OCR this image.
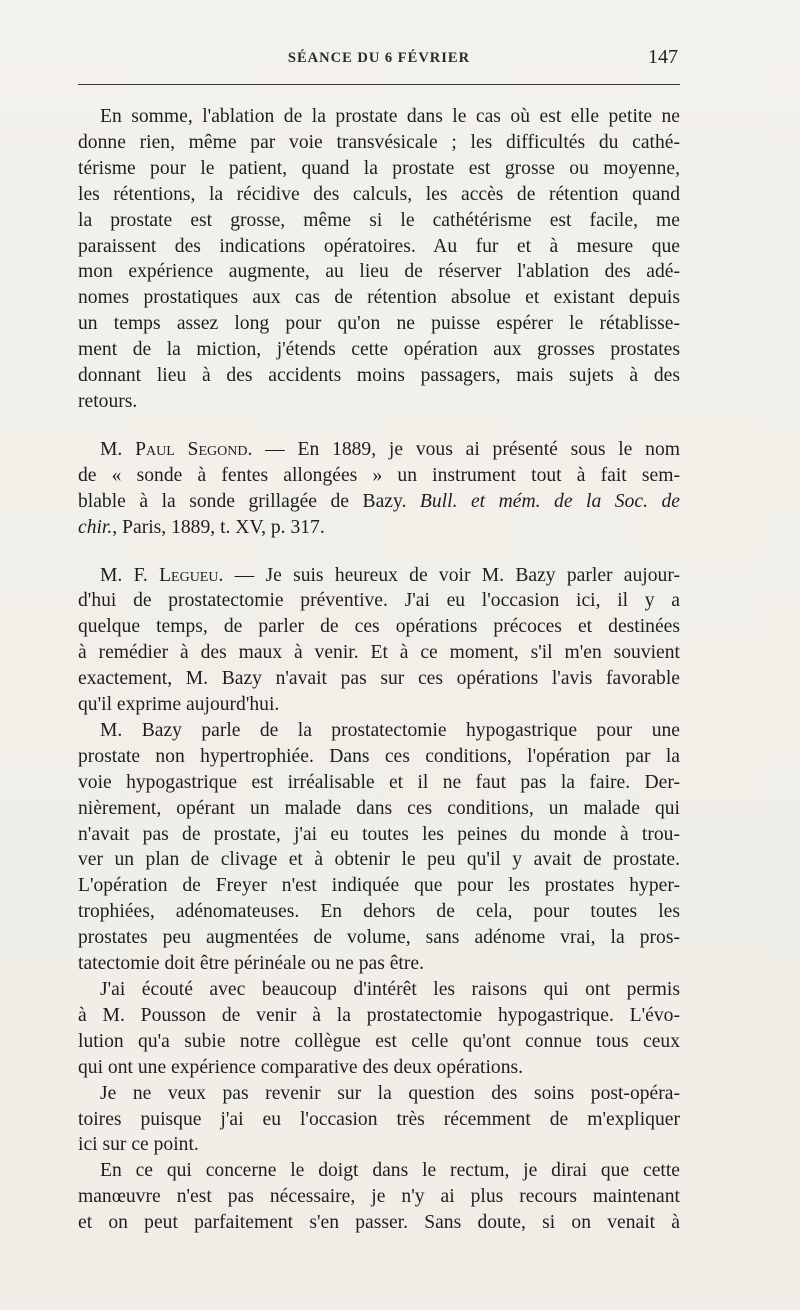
SÉANCE DU 6 FÉVRIER	147

En somme, l'ablation de la prostate dans le cas où est elle petite ne
donne rien, même par voie transvésicale ; les difficultés du cathé-
térisme pour le patient, quand la prostate est grosse ou moyenne,
les rétentions, la récidive des calculs, les accès de rétention quand
la prostate est grosse, même si le cathétérisme est facile, me
paraissent des indications opératoires. Au fur et à mesure que
mon expérience augmente, au lieu de réserver l'ablation des adé-
nomes prostatiques aux cas de rétention absolue et existant depuis
un temps assez long pour qu'on ne puisse espérer le rétablisse-
ment de la miction, j'étends cette opération aux grosses prostates
donnant lieu à des accidents moins passagers, mais sujets à des
retours.

M. Paul Segond. — En 1889, je vous ai présenté sous le nom
de « sonde à fentes allongées » un instrument tout à fait sem-
blable à la sonde grillagée de Bazy. Bull. et mém. de la Soc. de
chir., Paris, 1889, t. XV, p. 317.

M. F. Legueu. — Je suis heureux de voir M. Bazy parler aujour-
d'hui de prostatectomie préventive. J'ai eu l'occasion ici, il y a
quelque temps, de parler de ces opérations précoces et destinées
à remédier à des maux à venir. Et à ce moment, s'il m'en souvient
exactement, M. Bazy n'avait pas sur ces opérations l'avis favorable
qu'il exprime aujourd'hui.

M. Bazy parle de la prostatectomie hypogastrique pour une
prostate non hypertrophiée. Dans ces conditions, l'opération par la
voie hypogastrique est irréalisable et il ne faut pas la faire. Der-
nièrement, opérant un malade dans ces conditions, un malade qui
n'avait pas de prostate, j'ai eu toutes les peines du monde à trou-
ver un plan de clivage et à obtenir le peu qu'il y avait de prostate.
L'opération de Freyer n'est indiquée que pour les prostates hyper-
trophiées, adénomateuses. En dehors de cela, pour toutes les
prostates peu augmentées de volume, sans adénome vrai, la pros-
tatectomie doit être périnéale ou ne pas être.

J'ai écouté avec beaucoup d'intérêt les raisons qui ont permis
à M. Pousson de venir à la prostatectomie hypogastrique. L'évo-
lution qu'a subie notre collègue est celle qu'ont connue tous ceux
qui ont une expérience comparative des deux opérations.

Je ne veux pas revenir sur la question des soins post-opéra-
toires puisque j'ai eu l'occasion très récemment de m'expliquer
ici sur ce point.

En ce qui concerne le doigt dans le rectum, je dirai que cette
manœuvre n'est pas nécessaire, je n'y ai plus recours maintenant
et on peut parfaitement s'en passer. Sans doute, si on venait à
